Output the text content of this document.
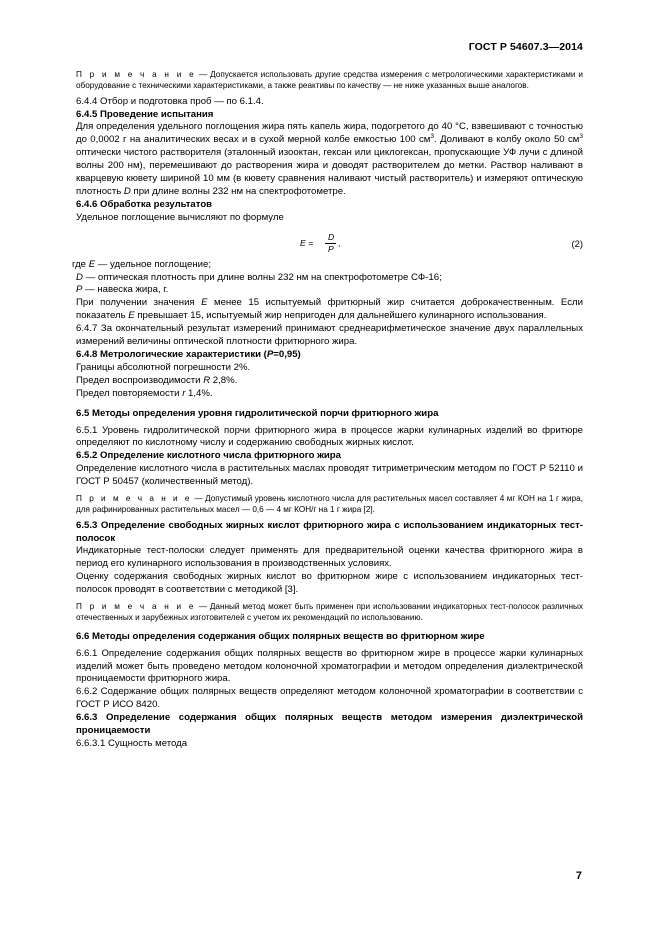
ГОСТ Р 54607.3—2014
П р и м е ч а н и е — Допускается использовать другие средства измерения с метрологическими характеристиками и оборудование с техническими характеристиками, а также реактивы по качеству — не ниже указанных выше аналогов.
6.4.4 Отбор и подготовка проб — по 6.1.4.
6.4.5 Проведение испытания
Для определения удельного поглощения жира пять капель жира, подогретого до 40 °С, взвешивают с точностью до 0,0002 г на аналитических весах и в сухой мерной колбе емкостью 100 $см^3$. Доливают в колбу около 50 $см^3$ оптически чистого растворителя (эталонный изооктан, гексан или циклогексан, пропускающие УФ лучи с длиной волны 200 нм), перемешивают до растворения жира и доводят растворителем до метки. Раствор наливают в кварцевую кювету шириной 10 мм (в кювету сравнения наливают чистый растворитель) и измеряют оптическую плотность D при длине волны 232 нм на спектрофотометре.
6.4.6 Обработка результатов
Удельное поглощение вычисляют по формуле
E =
D
P
,	(2)
где E — удельное поглощение;
D — оптическая плотность при длине волны 232 нм на спектрофотометре СФ-16;
P — навеска жира, г.
При получении значения E менее 15 испытуемый фритюрный жир считается доброкачественным. Если показатель E превышает 15, испытуемый жир непригоден для дальнейшего кулинарного использования.
6.4.7 За окончательный результат измерений принимают среднеарифметическое значение двух параллельных измерений величины оптической плотности фритюрного жира.
6.4.8 Метрологические характеристики (Р=0,95)
Границы абсолютной погрешности 2%.
Предел воспроизводимости R 2,8%.
Предел повторяемости r 1,4%.
6.5 Методы определения уровня гидролитической порчи фритюрного жира
6.5.1 Уровень гидролитической порчи фритюрного жира в процессе жарки кулинарных изделий во фритюре определяют по кислотному числу и содержанию свободных жирных кислот.
6.5.2 Определение кислотного числа фритюрного жира
Определение кислотного числа в растительных маслах проводят титриметрическим методом по ГОСТ Р 52110 и ГОСТ Р 50457 (количественный метод).
П р и м е ч а н и е — Допустимый уровень кислотного числа для растительных масел составляет 4 мг КОН на 1 г жира, для рафинированных растительных масел — 0,6 — 4 мг КОН/г на 1 г жира [2].
6.5.3 Определение свободных жирных кислот фритюрного жира с использованием индикаторных тест-полосок
Индикаторные тест-полоски следует применять для предварительной оценки качества фритюрного жира в период его кулинарного использования в производственных условиях.
Оценку содержания свободных жирных кислот во фритюрном жире с использованием индикаторных тест-полосок проводят в соответствии с методикой [3].
П р и м е ч а н и е — Данный метод может быть применен при использовании индикаторных тест-полосок различных отечественных и зарубежных изготовителей с учетом их рекомендаций по использованию.
6.6 Методы определения содержания общих полярных веществ во фритюрном жире
6.6.1 Определение содержания общих полярных веществ во фритюрном жире в процессе жарки кулинарных изделий может быть проведено методом колоночной хроматографии и методом определения диэлектрической проницаемости фритюрного жира.
6.6.2 Содержание общих полярных веществ определяют методом колоночной хроматографии в соответствии с ГОСТ Р ИСО 8420.
6.6.3 Определение содержания общих полярных веществ методом измерения диэлектрической проницаемости
6.6.3.1 Сущность метода
7
